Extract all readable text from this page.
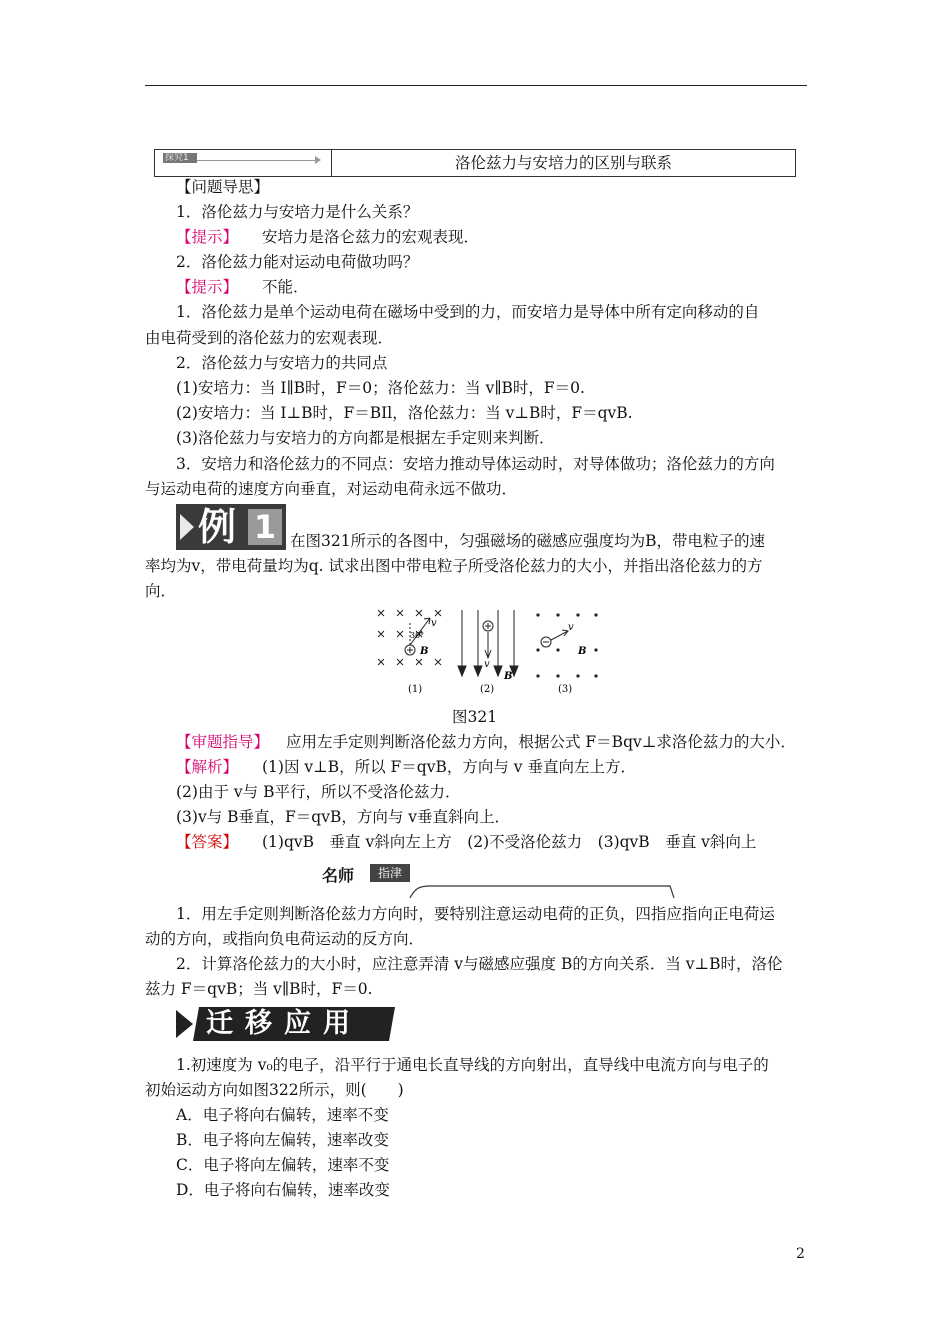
探究1	洛伦兹力与安培力的区别与联系
【问题导思】
1．洛伦兹力与安培力是什么关系？
【提示】 安培力是洛仑兹力的宏观表现．
2．洛伦兹力能对运动电荷做功吗？
【提示】 不能．
1．洛伦兹力是单个运动电荷在磁场中受到的力，而安培力是导体中所有定向移动的自
由电荷受到的洛伦兹力的宏观表现．
2．洛伦兹力与安培力的共同点
(1)安培力：当 I∥B时，F＝0；洛伦兹力：当 v∥B时，F＝0.
(2)安培力：当 I⊥B时，F＝BIl，洛伦兹力：当 v⊥B时，F＝qvB.
(3)洛伦兹力与安培力的方向都是根据左手定则来判断．
3．安培力和洛伦兹力的不同点：安培力推动导体运动时，对导体做功；洛伦兹力的方向
与运动电荷的速度方向垂直，对运动电荷永远不做功．
例 1 在图321所示的各图中，匀强磁场的磁感应强度均为B，带电粒子的速
率均为v，带电荷量均为q. 试求出图中带电粒子所受洛伦兹力的大小，并指出洛伦兹力的方
向．
v
B
30°
(1)
v
B
(2)
v
B
(3)
图321
【审题指导】 应用左手定则判断洛伦兹力方向，根据公式 F＝Bqv⊥求洛伦兹力的大小．
【解析】 (1)因 v⊥B，所以 F＝qvB，方向与 v 垂直向左上方．
(2)由于 v与 B平行，所以不受洛伦兹力．
(3)v与 B垂直，F＝qvB，方向与 v垂直斜向上．
【答案】 (1)qvB　垂直 v斜向左上方　(2)不受洛伦兹力　(3)qvB　垂直 v斜向上
名师	指津
1．用左手定则判断洛伦兹力方向时，要特别注意运动电荷的正负，四指应指向正电荷运
动的方向，或指向负电荷运动的反方向．
2．计算洛伦兹力的大小时，应注意弄清 v与磁感应强度 B的方向关系．当 v⊥B时，洛伦
兹力 F＝qvB；当 v∥B时，F＝0.
迁移应用
1.初速度为 v₀的电子，沿平行于通电长直导线的方向射出，直导线中电流方向与电子的
初始运动方向如图322所示，则(　　)
A．电子将向右偏转，速率不变
B．电子将向左偏转，速率改变
C．电子将向左偏转，速率不变
D．电子将向右偏转，速率改变
2
